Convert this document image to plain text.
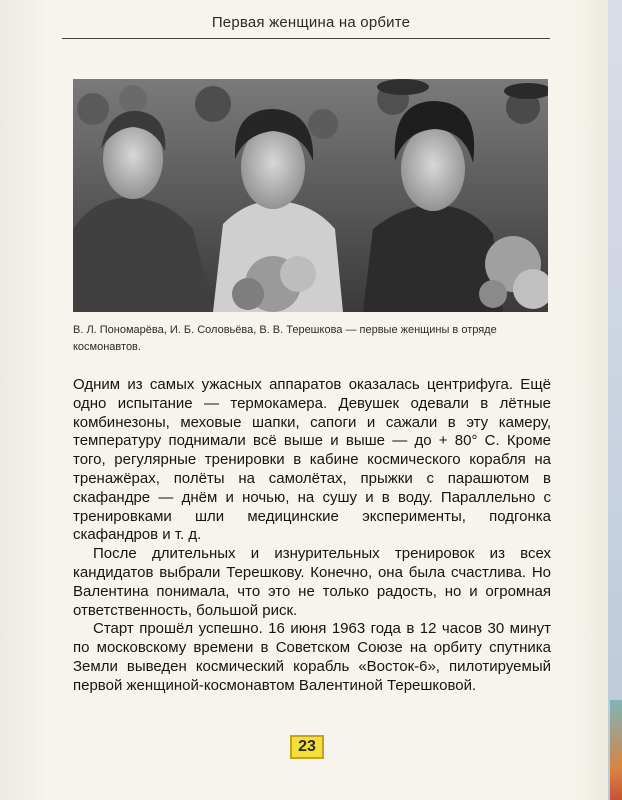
Первая женщина на орбите
В. Л. Пономарёва, И. Б. Соловьёва, В. В. Терешкова — первые женщины в отряде космонавтов.

Одним из самых ужасных аппаратов оказалась центрифуга. Ещё одно испытание — термокамера. Девушек одевали в лётные комбинезоны, меховые шапки, сапоги и сажали в эту камеру, температуру поднимали всё выше и выше — до + 80° С. Кроме того, регулярные тренировки в кабине космического корабля на тренажёрах, полёты на самолётах, прыжки с парашютом в скафандре — днём и ночью, на сушу и в воду. Параллельно с тренировками шли медицинские эксперименты, подгонка скафандров и т. д.

После длительных и изнурительных тренировок из всех кандидатов выбрали Терешкову. Конечно, она была счастлива. Но Валентина понимала, что это не только радость, но и огромная ответственность, большой риск.

Старт прошёл успешно. 16 июня 1963 года в 12 часов 30 минут по московскому времени в Советском Союзе на орбиту спутника Земли выведен космический корабль «Восток-6», пилотируемый первой женщиной-космонавтом Валентиной Терешковой.

23
